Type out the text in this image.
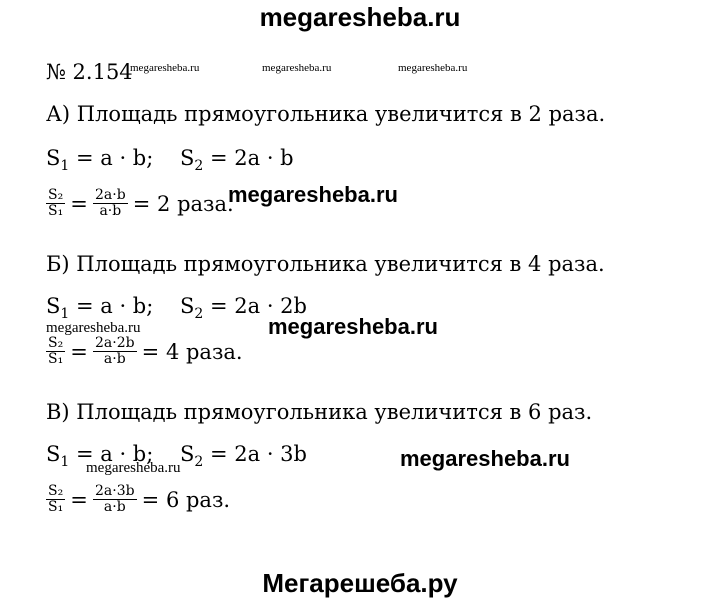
megaresheba.ru
№ 2.154
megaresheba.ru	megaresheba.ru	megaresheba.ru
А) Площадь прямоугольника увеличится в 2 раза.
$S_1 = a \cdot b$; $S_2 = 2a \cdot b$
$\frac{\text{S₂}}{\text{S₁}} = \frac{2a\cdot b}{a\cdot b} = 2$ раза.
megaresheba.ru
Б) Площадь прямоугольника увеличится в 4 раза.
$S_1 = a \cdot b$; $S_2 = 2a \cdot 2b$
megaresheba.ru	megaresheba.ru
$\frac{\text{S₂}}{\text{S₁}} = \frac{2a\cdot 2b}{a\cdot b} = 4$ раза.
В) Площадь прямоугольника увеличится в 6 раз.
$S_1 = a \cdot b$; $S_2 = 2a \cdot 3b$	megaresheba.ru
megaresheba.ru
$\frac{\text{S₂}}{\text{S₁}} = \frac{2a\cdot 3b}{a\cdot b} = 6$ раз.
Мегарешеба.ру
